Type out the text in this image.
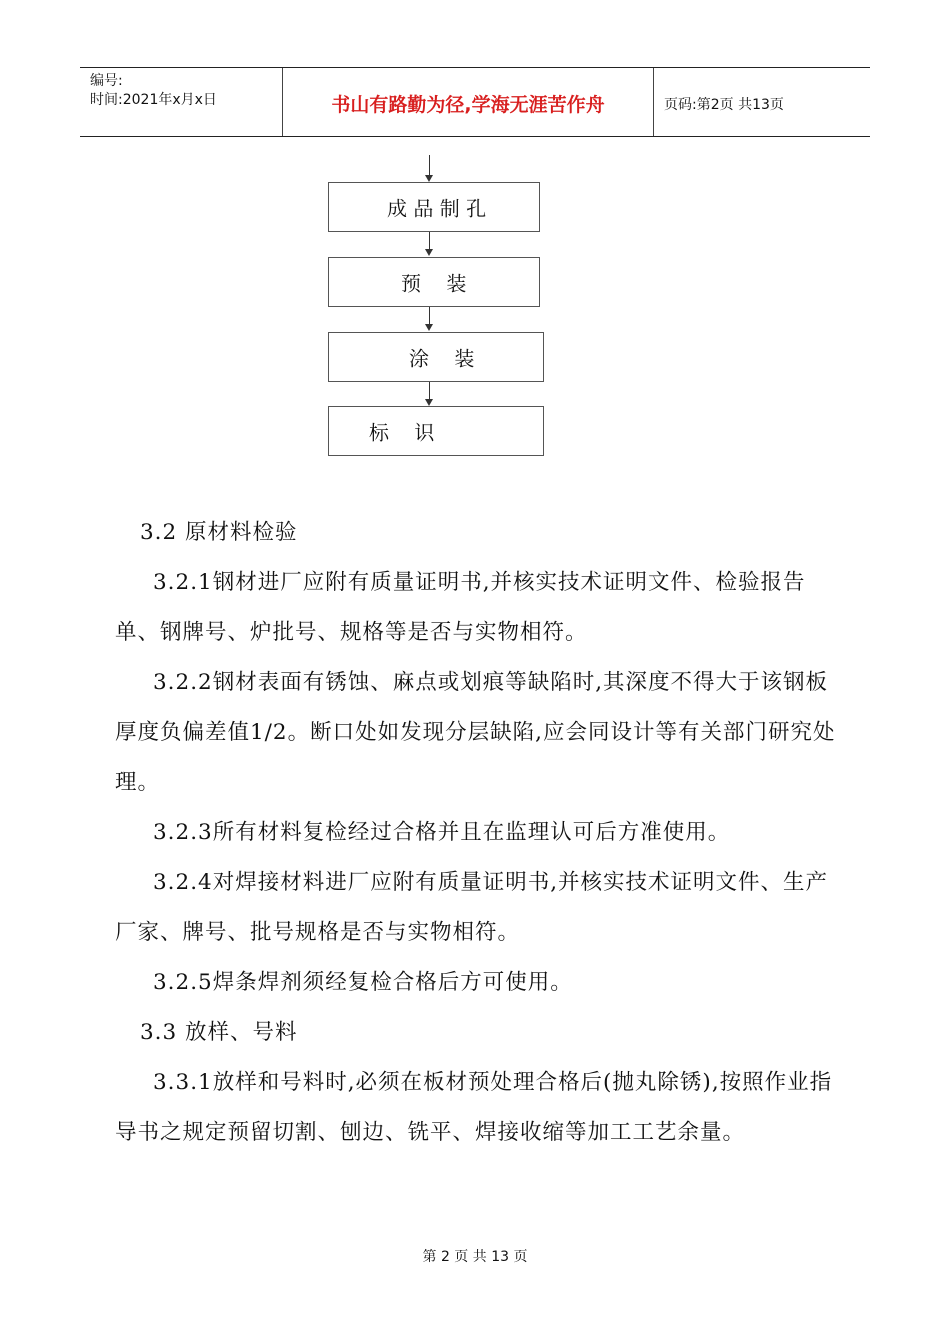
编号:
时间:2021年x月x日	书山有路勤为径,学海无涯苦作舟	页码:第2页 共13页
成 品 制 孔
预    装
涂    装
标    识

3.2 原材料检验

3.2.1钢材进厂应附有质量证明书,并核实技术证明文件、检验报告单、钢牌号、炉批号、规格等是否与实物相符。

3.2.2钢材表面有锈蚀、麻点或划痕等缺陷时,其深度不得大于该钢板厚度负偏差值1/2。断口处如发现分层缺陷,应会同设计等有关部门研究处理。

3.2.3所有材料复检经过合格并且在监理认可后方准使用。

3.2.4对焊接材料进厂应附有质量证明书,并核实技术证明文件、生产厂家、牌号、批号规格是否与实物相符。

3.2.5焊条焊剂须经复检合格后方可使用。

3.3 放样、号料

3.3.1放样和号料时,必须在板材预处理合格后(抛丸除锈),按照作业指导书之规定预留切割、刨边、铣平、焊接收缩等加工工艺余量。

第 2 页 共 13 页
